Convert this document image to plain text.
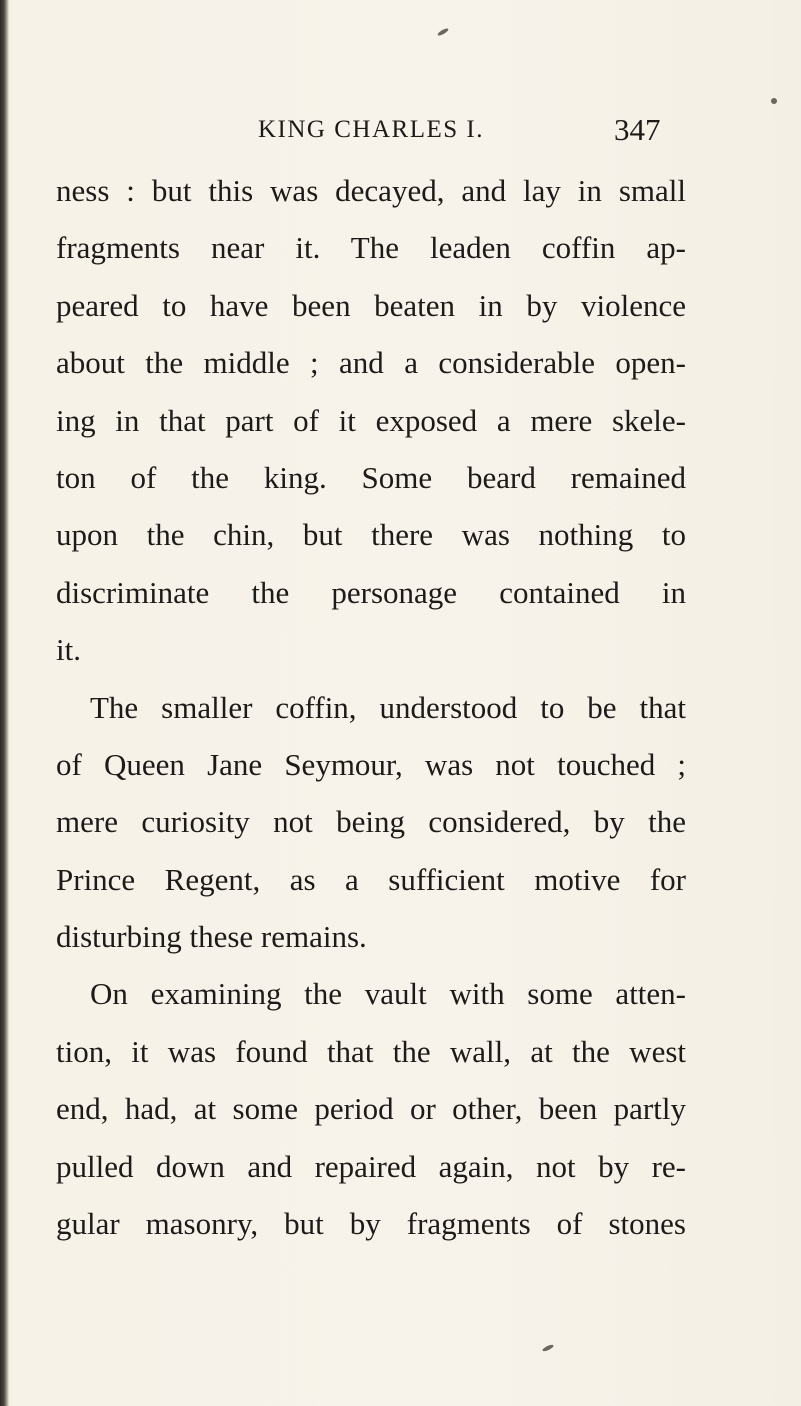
KING CHARLES I.	347
ness : but this was decayed, and lay in small
fragments near it. The leaden coffin ap-
peared to have been beaten in by violence
about the middle ; and a considerable open-
ing in that part of it exposed a mere skele-
ton of the king. Some beard remained
upon the chin, but there was nothing to
discriminate the personage contained in
it.
The smaller coffin, understood to be that
of Queen Jane Seymour, was not touched ;
mere curiosity not being considered, by the
Prince Regent, as a sufficient motive for
disturbing these remains.
On examining the vault with some atten-
tion, it was found that the wall, at the west
end, had, at some period or other, been partly
pulled down and repaired again, not by re-
gular masonry, but by fragments of stones
